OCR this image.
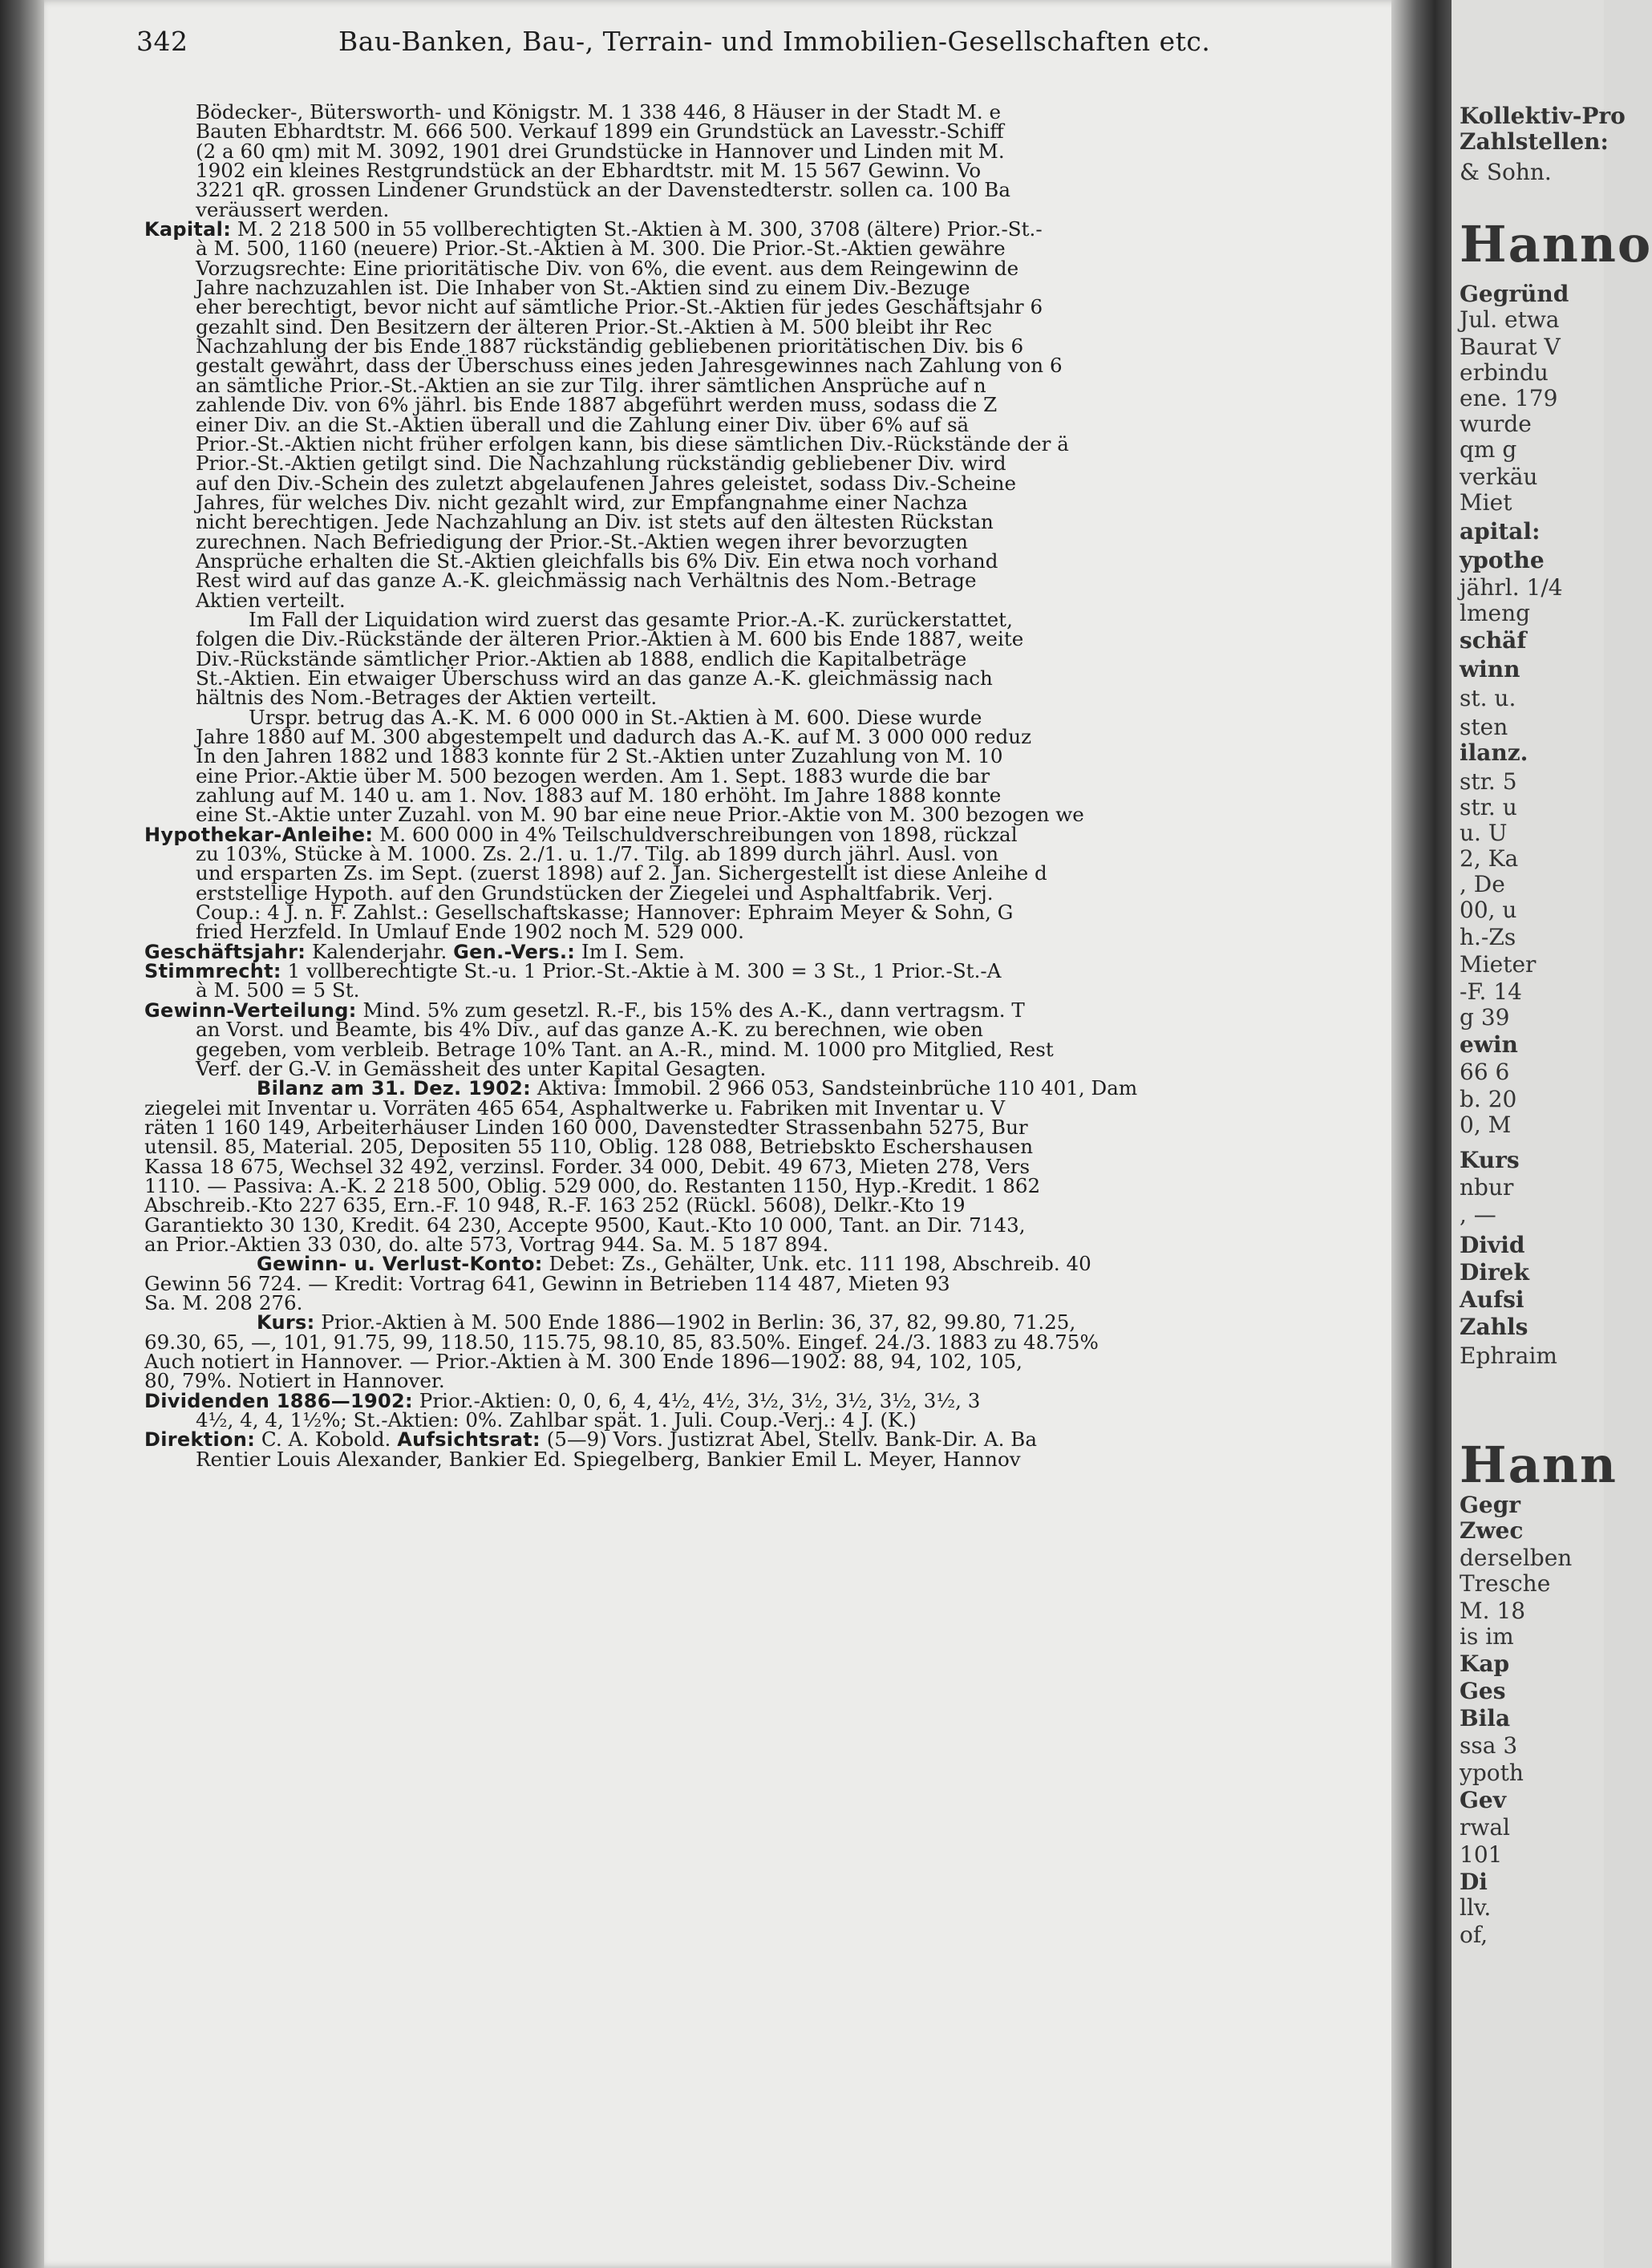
342	Bau-Banken, Bau-, Terrain- und Immobilien-Gesellschaften etc.
Bödecker-, Bütersworth- und Königstr. M. 1 338 446, 8 Häuser in der Stadt M. e
Bauten Ebhardtstr. M. 666 500. Verkauf 1899 ein Grundstück an Lavesstr.-Schiff
(2 a 60 qm) mit M. 3092, 1901 drei Grundstücke in Hannover und Linden mit M.
1902 ein kleines Restgrundstück an der Ebhardtstr. mit M. 15 567 Gewinn. Vo
3221 qR. grossen Lindener Grundstück an der Davenstedterstr. sollen ca. 100 Ba
veräussert werden.
Kapital: M. 2 218 500 in 55 vollberechtigten St.-Aktien à M. 300, 3708 (ältere) Prior.-St.-
à M. 500, 1160 (neuere) Prior.-St.-Aktien à M. 300. Die Prior.-St.-Aktien gewähre
Vorzugsrechte: Eine prioritätische Div. von 6%, die event. aus dem Reingewinn de
Jahre nachzuzahlen ist. Die Inhaber von St.-Aktien sind zu einem Div.-Bezuge
eher berechtigt, bevor nicht auf sämtliche Prior.-St.-Aktien für jedes Geschäftsjahr 6
gezahlt sind. Den Besitzern der älteren Prior.-St.-Aktien à M. 500 bleibt ihr Rec
Nachzahlung der bis Ende 1887 rückständig gebliebenen prioritätischen Div. bis 6
gestalt gewährt, dass der Überschuss eines jeden Jahresgewinnes nach Zahlung von 6
an sämtliche Prior.-St.-Aktien an sie zur Tilg. ihrer sämtlichen Ansprüche auf n
zahlende Div. von 6% jährl. bis Ende 1887 abgeführt werden muss, sodass die Z
einer Div. an die St.-Aktien überall und die Zahlung einer Div. über 6% auf sä
Prior.-St.-Aktien nicht früher erfolgen kann, bis diese sämtlichen Div.-Rückstände der ä
Prior.-St.-Aktien getilgt sind. Die Nachzahlung rückständig gebliebener Div. wird
auf den Div.-Schein des zuletzt abgelaufenen Jahres geleistet, sodass Div.-Scheine
Jahres, für welches Div. nicht gezahlt wird, zur Empfangnahme einer Nachza
nicht berechtigen. Jede Nachzahlung an Div. ist stets auf den ältesten Rückstan
zurechnen. Nach Befriedigung der Prior.-St.-Aktien wegen ihrer bevorzugten
Ansprüche erhalten die St.-Aktien gleichfalls bis 6% Div. Ein etwa noch vorhand
Rest wird auf das ganze A.-K. gleichmässig nach Verhältnis des Nom.-Betrage
Aktien verteilt.
Im Fall der Liquidation wird zuerst das gesamte Prior.-A.-K. zurückerstattet,
folgen die Div.-Rückstände der älteren Prior.-Aktien à M. 600 bis Ende 1887, weite
Div.-Rückstände sämtlicher Prior.-Aktien ab 1888, endlich die Kapitalbeträge
St.-Aktien. Ein etwaiger Überschuss wird an das ganze A.-K. gleichmässig nach
hältnis des Nom.-Betrages der Aktien verteilt.
Urspr. betrug das A.-K. M. 6 000 000 in St.-Aktien à M. 600. Diese wurde
Jahre 1880 auf M. 300 abgestempelt und dadurch das A.-K. auf M. 3 000 000 reduz
In den Jahren 1882 und 1883 konnte für 2 St.-Aktien unter Zuzahlung von M. 10
eine Prior.-Aktie über M. 500 bezogen werden. Am 1. Sept. 1883 wurde die bar
zahlung auf M. 140 u. am 1. Nov. 1883 auf M. 180 erhöht. Im Jahre 1888 konnte
eine St.-Aktie unter Zuzahl. von M. 90 bar eine neue Prior.-Aktie von M. 300 bezogen we
Hypothekar-Anleihe: M. 600 000 in 4% Teilschuldverschreibungen von 1898, rückzal
zu 103%, Stücke à M. 1000. Zs. 2./1. u. 1./7. Tilg. ab 1899 durch jährl. Ausl. von
und ersparten Zs. im Sept. (zuerst 1898) auf 2. Jan. Sichergestellt ist diese Anleihe d
erststellige Hypoth. auf den Grundstücken der Ziegelei und Asphaltfabrik. Verj.
Coup.: 4 J. n. F. Zahlst.: Gesellschaftskasse; Hannover: Ephraim Meyer & Sohn, G
fried Herzfeld. In Umlauf Ende 1902 noch M. 529 000.
Geschäftsjahr: Kalenderjahr. Gen.-Vers.: Im I. Sem.
Stimmrecht: 1 vollberechtigte St.-u. 1 Prior.-St.-Aktie à M. 300 = 3 St., 1 Prior.-St.-A
à M. 500 = 5 St.
Gewinn-Verteilung: Mind. 5% zum gesetzl. R.-F., bis 15% des A.-K., dann vertragsm. T
an Vorst. und Beamte, bis 4% Div., auf das ganze A.-K. zu berechnen, wie oben
gegeben, vom verbleib. Betrage 10% Tant. an A.-R., mind. M. 1000 pro Mitglied, Rest
Verf. der G.-V. in Gemässheit des unter Kapital Gesagten.
Bilanz am 31. Dez. 1902: Aktiva: Immobil. 2 966 053, Sandsteinbrüche 110 401, Dam
ziegelei mit Inventar u. Vorräten 465 654, Asphaltwerke u. Fabriken mit Inventar u. V
räten 1 160 149, Arbeiterhäuser Linden 160 000, Davenstedter Strassenbahn 5275, Bur
utensil. 85, Material. 205, Depositen 55 110, Oblig. 128 088, Betriebskto Eschershausen
Kassa 18 675, Wechsel 32 492, verzinsl. Forder. 34 000, Debit. 49 673, Mieten 278, Vers
1110. — Passiva: A.-K. 2 218 500, Oblig. 529 000, do. Restanten 1150, Hyp.-Kredit. 1 862
Abschreib.-Kto 227 635, Ern.-F. 10 948, R.-F. 163 252 (Rückl. 5608), Delkr.-Kto 19
Garantiekto 30 130, Kredit. 64 230, Accepte 9500, Kaut.-Kto 10 000, Tant. an Dir. 7143,
an Prior.-Aktien 33 030, do. alte 573, Vortrag 944. Sa. M. 5 187 894.
Gewinn- u. Verlust-Konto: Debet: Zs., Gehälter, Unk. etc. 111 198, Abschreib. 40
Gewinn 56 724. — Kredit: Vortrag 641, Gewinn in Betrieben 114 487, Mieten 93
Sa. M. 208 276.
Kurs: Prior.-Aktien à M. 500 Ende 1886—1902 in Berlin: 36, 37, 82, 99.80, 71.25,
69.30, 65, —, 101, 91.75, 99, 118.50, 115.75, 98.10, 85, 83.50%. Eingef. 24./3. 1883 zu 48.75%
Auch notiert in Hannover. — Prior.-Aktien à M. 300 Ende 1896—1902: 88, 94, 102, 105,
80, 79%. Notiert in Hannover.
Dividenden 1886—1902: Prior.-Aktien: 0, 0, 6, 4, 4½, 4½, 3½, 3½, 3½, 3½, 3½, 3
4½, 4, 4, 1½%; St.-Aktien: 0%. Zahlbar spät. 1. Juli. Coup.-Verj.: 4 J. (K.)
Direktion: C. A. Kobold. Aufsichtsrat: (5—9) Vors. Justizrat Abel, Stellv. Bank-Dir. A. Ba
Rentier Louis Alexander, Bankier Ed. Spiegelberg, Bankier Emil L. Meyer, Hannov
Kollektiv-Pro
Zahlstellen:
& Sohn.
Hanno
Gegründ
Jul. etwa
Baurat V
erbindu
ene. 179
wurde
qm g
verkäu
Miet
apital:
ypothe
jährl. 1/4
lmeng
schäf
winn
st. u.
sten
ilanz.
str. 5
str. u
u. U
2, Ka
, De
00, u
h.-Zs
Mieter
-F. 14
g 39
ewin
66 6
b. 20
0, M
Kurs
nbur
, —
Divid
Direk
Aufsi
Zahls
Ephraim
Hann
Gegr
Zwec
derselben
Tresche
M. 18
is im
Kap
Ges
Bila
ssa 3
ypoth
Gev
rwal
101
Di
llv.
of,
